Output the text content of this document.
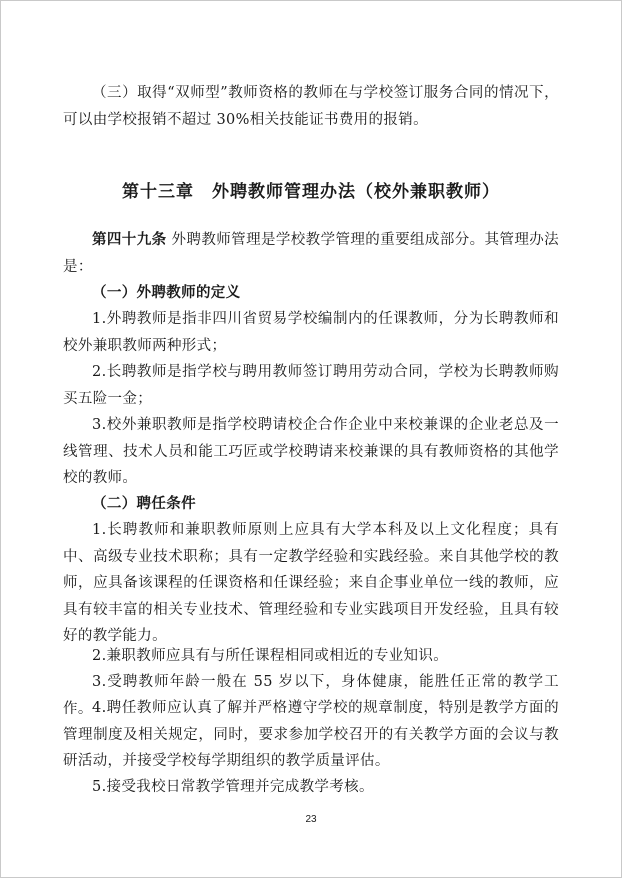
（三）取得“双师型”教师资格的教师在与学校签订服务合同的情况下，可以由学校报销不超过 30%相关技能证书费用的报销。

第十三章　外聘教师管理办法（校外兼职教师）

第四十九条 外聘教师管理是学校教学管理的重要组成部分。其管理办法是：

（一）外聘教师的定义

1.外聘教师是指非四川省贸易学校编制内的任课教师，分为长聘教师和校外兼职教师两种形式；

2.长聘教师是指学校与聘用教师签订聘用劳动合同，学校为长聘教师购买五险一金；

3.校外兼职教师是指学校聘请校企合作企业中来校兼课的企业老总及一线管理、技术人员和能工巧匠或学校聘请来校兼课的具有教师资格的其他学校的教师。

（二）聘任条件

1.长聘教师和兼职教师原则上应具有大学本科及以上文化程度；具有中、高级专业技术职称；具有一定教学经验和实践经验。来自其他学校的教师，应具备该课程的任课资格和任课经验；来自企事业单位一线的教师，应具有较丰富的相关专业技术、管理经验和专业实践项目开发经验，且具有较好的教学能力。

2.兼职教师应具有与所任课程相同或相近的专业知识。

3.受聘教师年龄一般在 55 岁以下，身体健康，能胜任正常的教学工作。 4.聘任教师应认真了解并严格遵守学校的规章制度，特别是教学方面的管理制度及相关规定，同时，要求参加学校召开的有关教学方面的会议与教研活动，并接受学校每学期组织的教学质量评估。

5.接受我校日常教学管理并完成教学考核。

23
